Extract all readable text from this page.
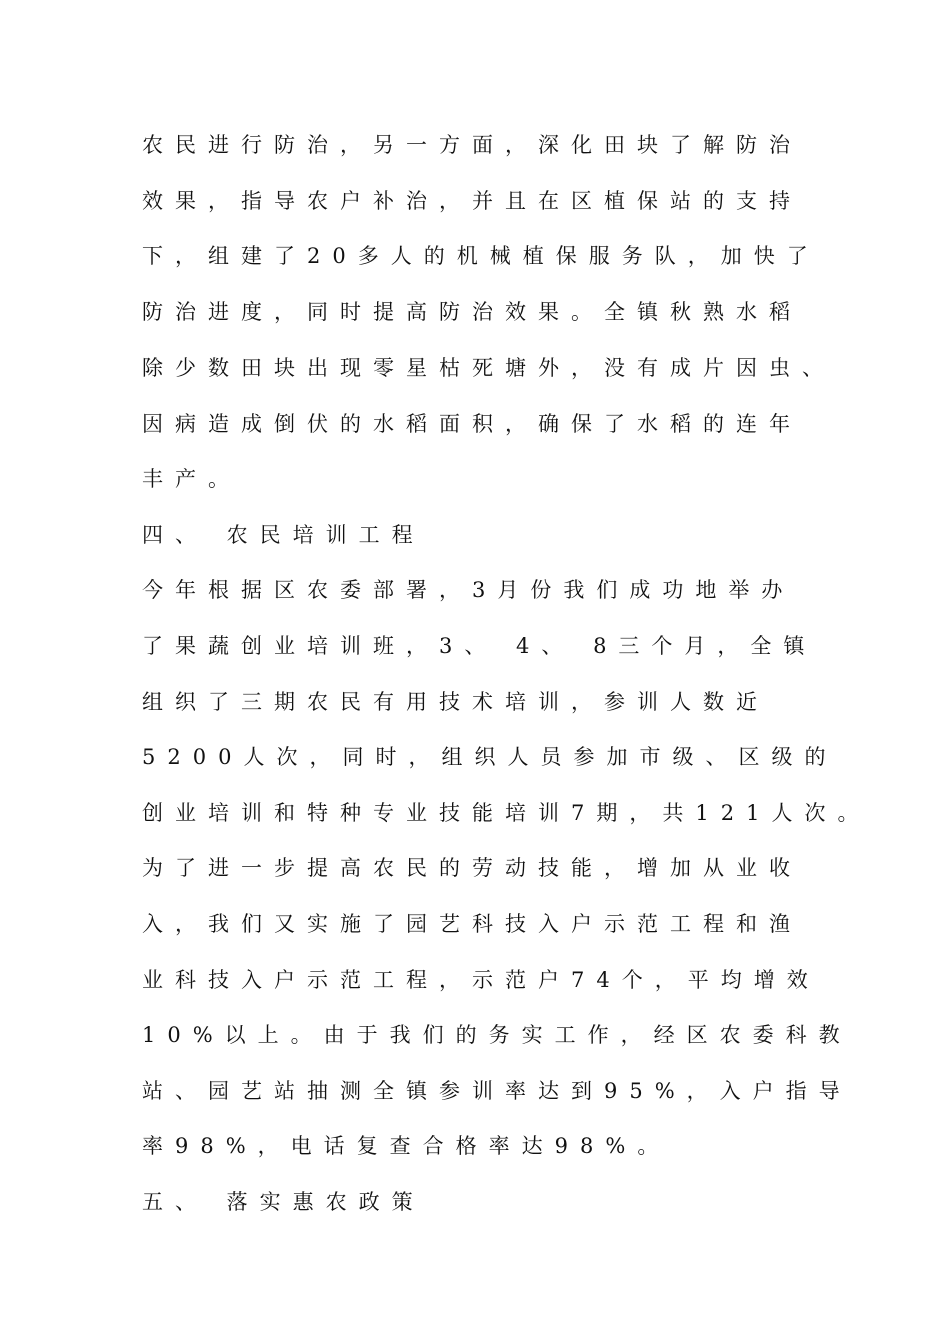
农民进行防治，另一方面，深化田块了解防治
效果，指导农户补治，并且在区植保站的支持
下，组建了20多人的机械植保服务队，加快了
防治进度，同时提高防治效果。全镇秋熟水稻
除少数田块出现零星枯死塘外，没有成片因虫、
因病造成倒伏的水稻面积，确保了水稻的连年
丰产。
四、 农民培训工程
今年根据区农委部署，3月份我们成功地举办
了果蔬创业培训班，3、 4、 8三个月，全镇
组织了三期农民有用技术培训，参训人数近
5200人次，同时，组织人员参加市级、区级的
创业培训和特种专业技能培训7期，共121人次。
为了进一步提高农民的劳动技能，增加从业收
入，我们又实施了园艺科技入户示范工程和渔
业科技入户示范工程，示范户74个，平均增效
10%以上。由于我们的务实工作，经区农委科教
站、园艺站抽测全镇参训率达到95%，入户指导
率98%，电话复查合格率达98%。
五、 落实惠农政策
